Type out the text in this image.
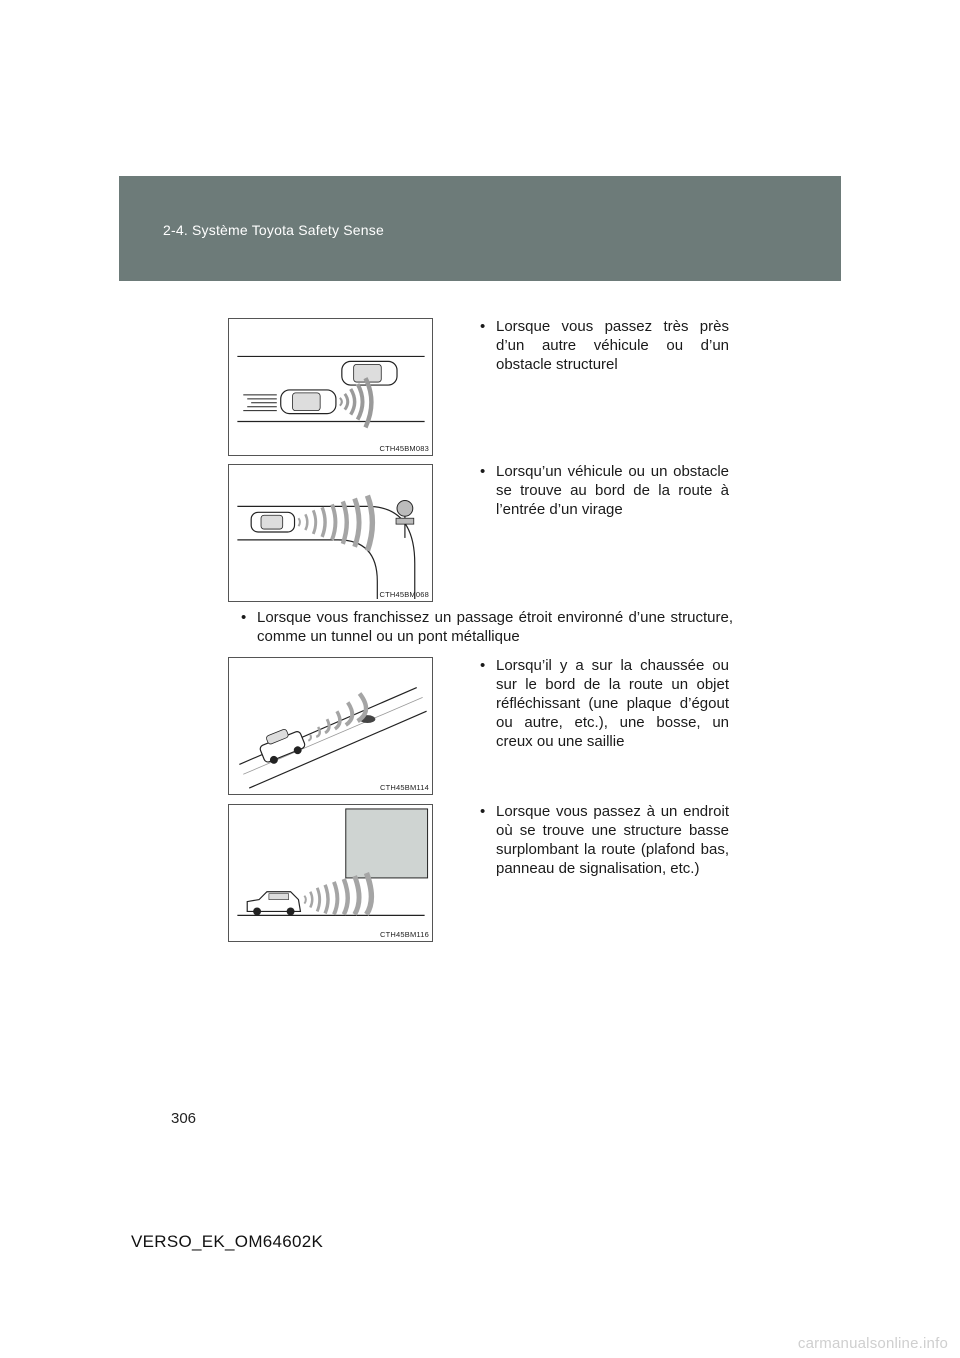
2-4. Système Toyota Safety Sense
CTH45BM083
• Lorsque vous passez très près d’un autre véhicule ou d’un obstacle structurel
CTH45BM068
• Lorsqu’un véhicule ou un obstacle se trouve au bord de la route à l’entrée d’un virage
• Lorsque vous franchissez un passage étroit environné d’une structure, comme un tunnel ou un pont métallique
CTH45BM114
• Lorsqu’il y a sur la chaussée ou sur le bord de la route un objet réfléchissant (une plaque d’égout ou autre, etc.), une bosse, un creux ou une saillie
CTH45BM116
• Lorsque vous passez à un endroit où se trouve une structure basse surplombant la route (plafond bas, panneau de signalisation, etc.)
306
VERSO_EK_OM64602K
carmanualsonline.info
